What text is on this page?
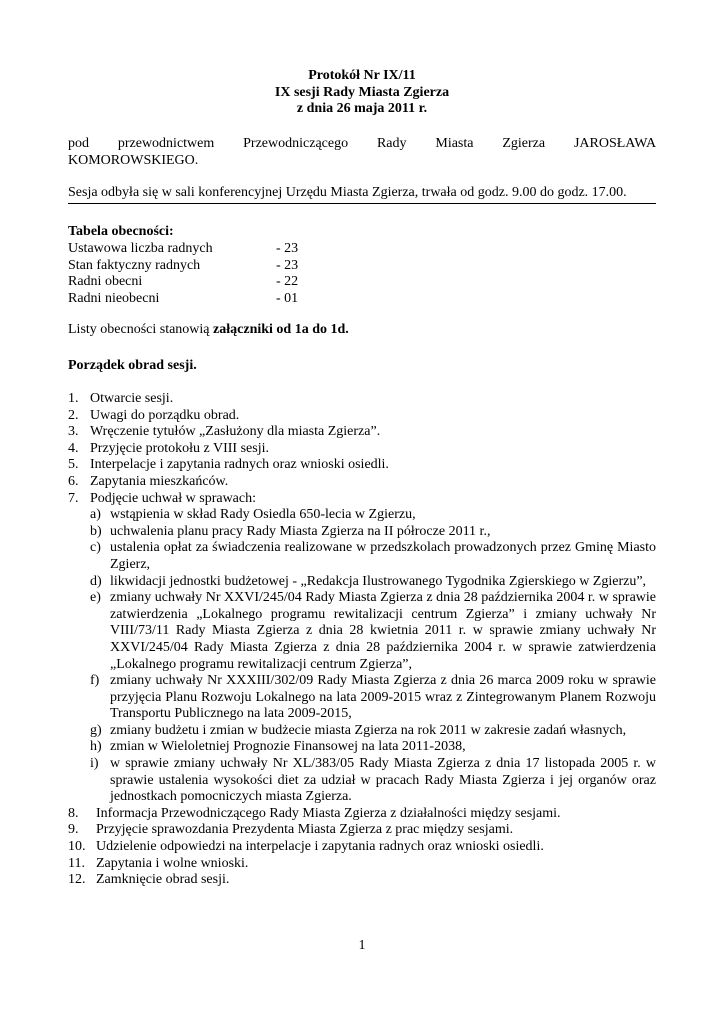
Protokół Nr IX/11
IX sesji Rady Miasta Zgierza
z dnia 26 maja 2011 r.
pod przewodnictwem Przewodniczącego Rady Miasta Zgierza JAROSŁAWA
KOMOROWSKIEGO.
Sesja odbyła się w sali konferencyjnej Urzędu Miasta Zgierza, trwała od godz. 9.00 do godz. 17.00.
Tabela obecności:
Ustawowa liczba radnych	- 23
Stan faktyczny radnych	- 23
Radni obecni	- 22
Radni nieobecni	- 01
Listy obecności stanowią załączniki od 1a do 1d.
Porządek obrad sesji.
1. Otwarcie sesji.
2. Uwagi do porządku obrad.
3. Wręczenie tytułów „Zasłużony dla miasta Zgierza”.
4. Przyjęcie protokołu z VIII sesji.
5. Interpelacje i zapytania radnych oraz wnioski osiedli.
6. Zapytania mieszkańców.
7. Podjęcie uchwał w sprawach:
a) wstąpienia w skład Rady Osiedla 650-lecia w Zgierzu,
b) uchwalenia planu pracy Rady Miasta Zgierza na II półrocze 2011 r.,
c) ustalenia opłat za świadczenia realizowane w przedszkolach prowadzonych przez Gminę Miasto Zgierz,
d) likwidacji jednostki budżetowej - „Redakcja Ilustrowanego Tygodnika Zgierskiego w Zgierzu”,
e) zmiany uchwały Nr XXVI/245/04 Rady Miasta Zgierza z dnia 28 października 2004 r. w sprawie zatwierdzenia „Lokalnego programu rewitalizacji centrum Zgierza” i zmiany uchwały Nr VIII/73/11 Rady Miasta Zgierza z dnia 28 kwietnia 2011 r. w sprawie zmiany uchwały Nr XXVI/245/04 Rady Miasta Zgierza z dnia 28 października 2004 r. w sprawie zatwierdzenia „Lokalnego programu rewitalizacji centrum Zgierza”,
f) zmiany uchwały Nr XXXIII/302/09 Rady Miasta Zgierza z dnia 26 marca 2009 roku w sprawie przyjęcia Planu Rozwoju Lokalnego na lata 2009-2015 wraz z Zintegrowanym Planem Rozwoju Transportu Publicznego na lata 2009-2015,
g) zmiany budżetu i zmian w budżecie miasta Zgierza na rok 2011 w zakresie zadań własnych,
h) zmian w Wieloletniej Prognozie Finansowej na lata 2011-2038,
i) w sprawie zmiany uchwały Nr XL/383/05 Rady Miasta Zgierza z dnia 17 listopada 2005 r. w sprawie ustalenia wysokości diet za udział w pracach Rady Miasta Zgierza i jej organów oraz jednostkach pomocniczych miasta Zgierza.
8. Informacja Przewodniczącego Rady Miasta Zgierza z działalności między sesjami.
9. Przyjęcie sprawozdania Prezydenta Miasta Zgierza z prac między sesjami.
10. Udzielenie odpowiedzi na interpelacje i zapytania radnych oraz wnioski osiedli.
11. Zapytania i wolne wnioski.
12. Zamknięcie obrad sesji.
1
